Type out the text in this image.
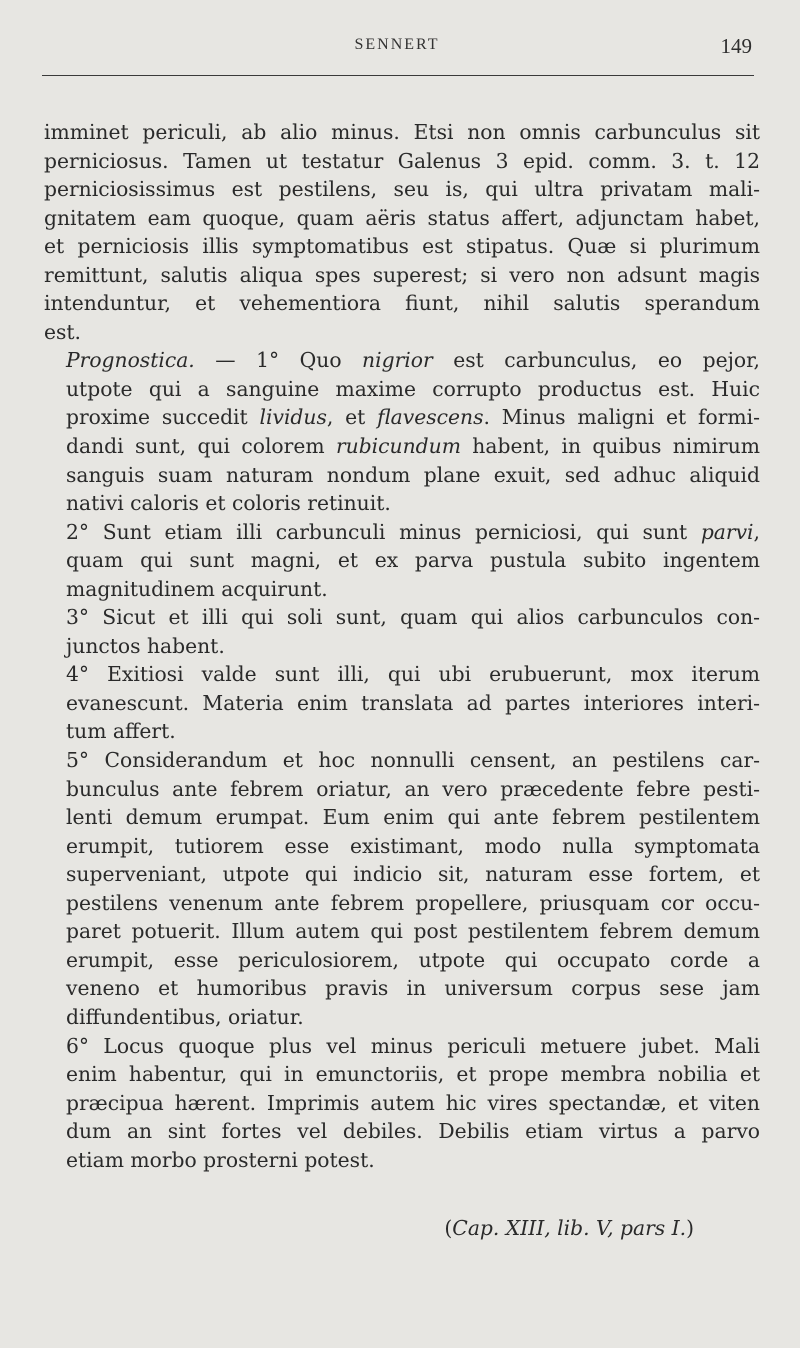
SENNERT	149

imminet periculi, ab alio minus. Etsi non omnis carbunculus sit
perniciosus. Tamen ut testatur Galenus 3 epid. comm. 3. t. 12
perniciosissimus est pestilens, seu is, qui ultra privatam mali-
gnitatem eam quoque, quam aëris status affert, adjunctam habet,
et perniciosis illis symptomatibus est stipatus. Quæ si plurimum
remittunt, salutis aliqua spes superest; si vero non adsunt magis
intenduntur, et vehementiora fiunt, nihil salutis sperandum
est.

Prognostica. — 1° Quo nigrior est carbunculus, eo pejor,
utpote qui a sanguine maxime corrupto productus est. Huic
proxime succedit lividus, et flavescens. Minus maligni et formi-
dandi sunt, qui colorem rubicundum habent, in quibus nimirum
sanguis suam naturam nondum plane exuit, sed adhuc aliquid
nativi caloris et coloris retinuit.

2° Sunt etiam illi carbunculi minus perniciosi, qui sunt parvi,
quam qui sunt magni, et ex parva pustula subito ingentem
magnitudinem acquirunt.

3° Sicut et illi qui soli sunt, quam qui alios carbunculos con-
junctos habent.

4° Exitiosi valde sunt illi, qui ubi erubuerunt, mox iterum
evanescunt. Materia enim translata ad partes interiores interi-
tum affert.

5° Considerandum et hoc nonnulli censent, an pestilens car-
bunculus ante febrem oriatur, an vero præcedente febre pesti-
lenti demum erumpat. Eum enim qui ante febrem pestilentem
erumpit, tutiorem esse existimant, modo nulla symptomata
superveniant, utpote qui indicio sit, naturam esse fortem, et
pestilens venenum ante febrem propellere, priusquam cor occu-
paret potuerit. Illum autem qui post pestilentem febrem demum
erumpit, esse periculosiorem, utpote qui occupato corde a
veneno et humoribus pravis in universum corpus sese jam
diffundentibus, oriatur.

6° Locus quoque plus vel minus periculi metuere jubet. Mali
enim habentur, qui in emunctoriis, et prope membra nobilia et
præcipua hærent. Imprimis autem hic vires spectandæ, et viten
dum an sint fortes vel debiles. Debilis etiam virtus a parvo
etiam morbo prosterni potest.

(Cap. XIII, lib. V, pars I.)
